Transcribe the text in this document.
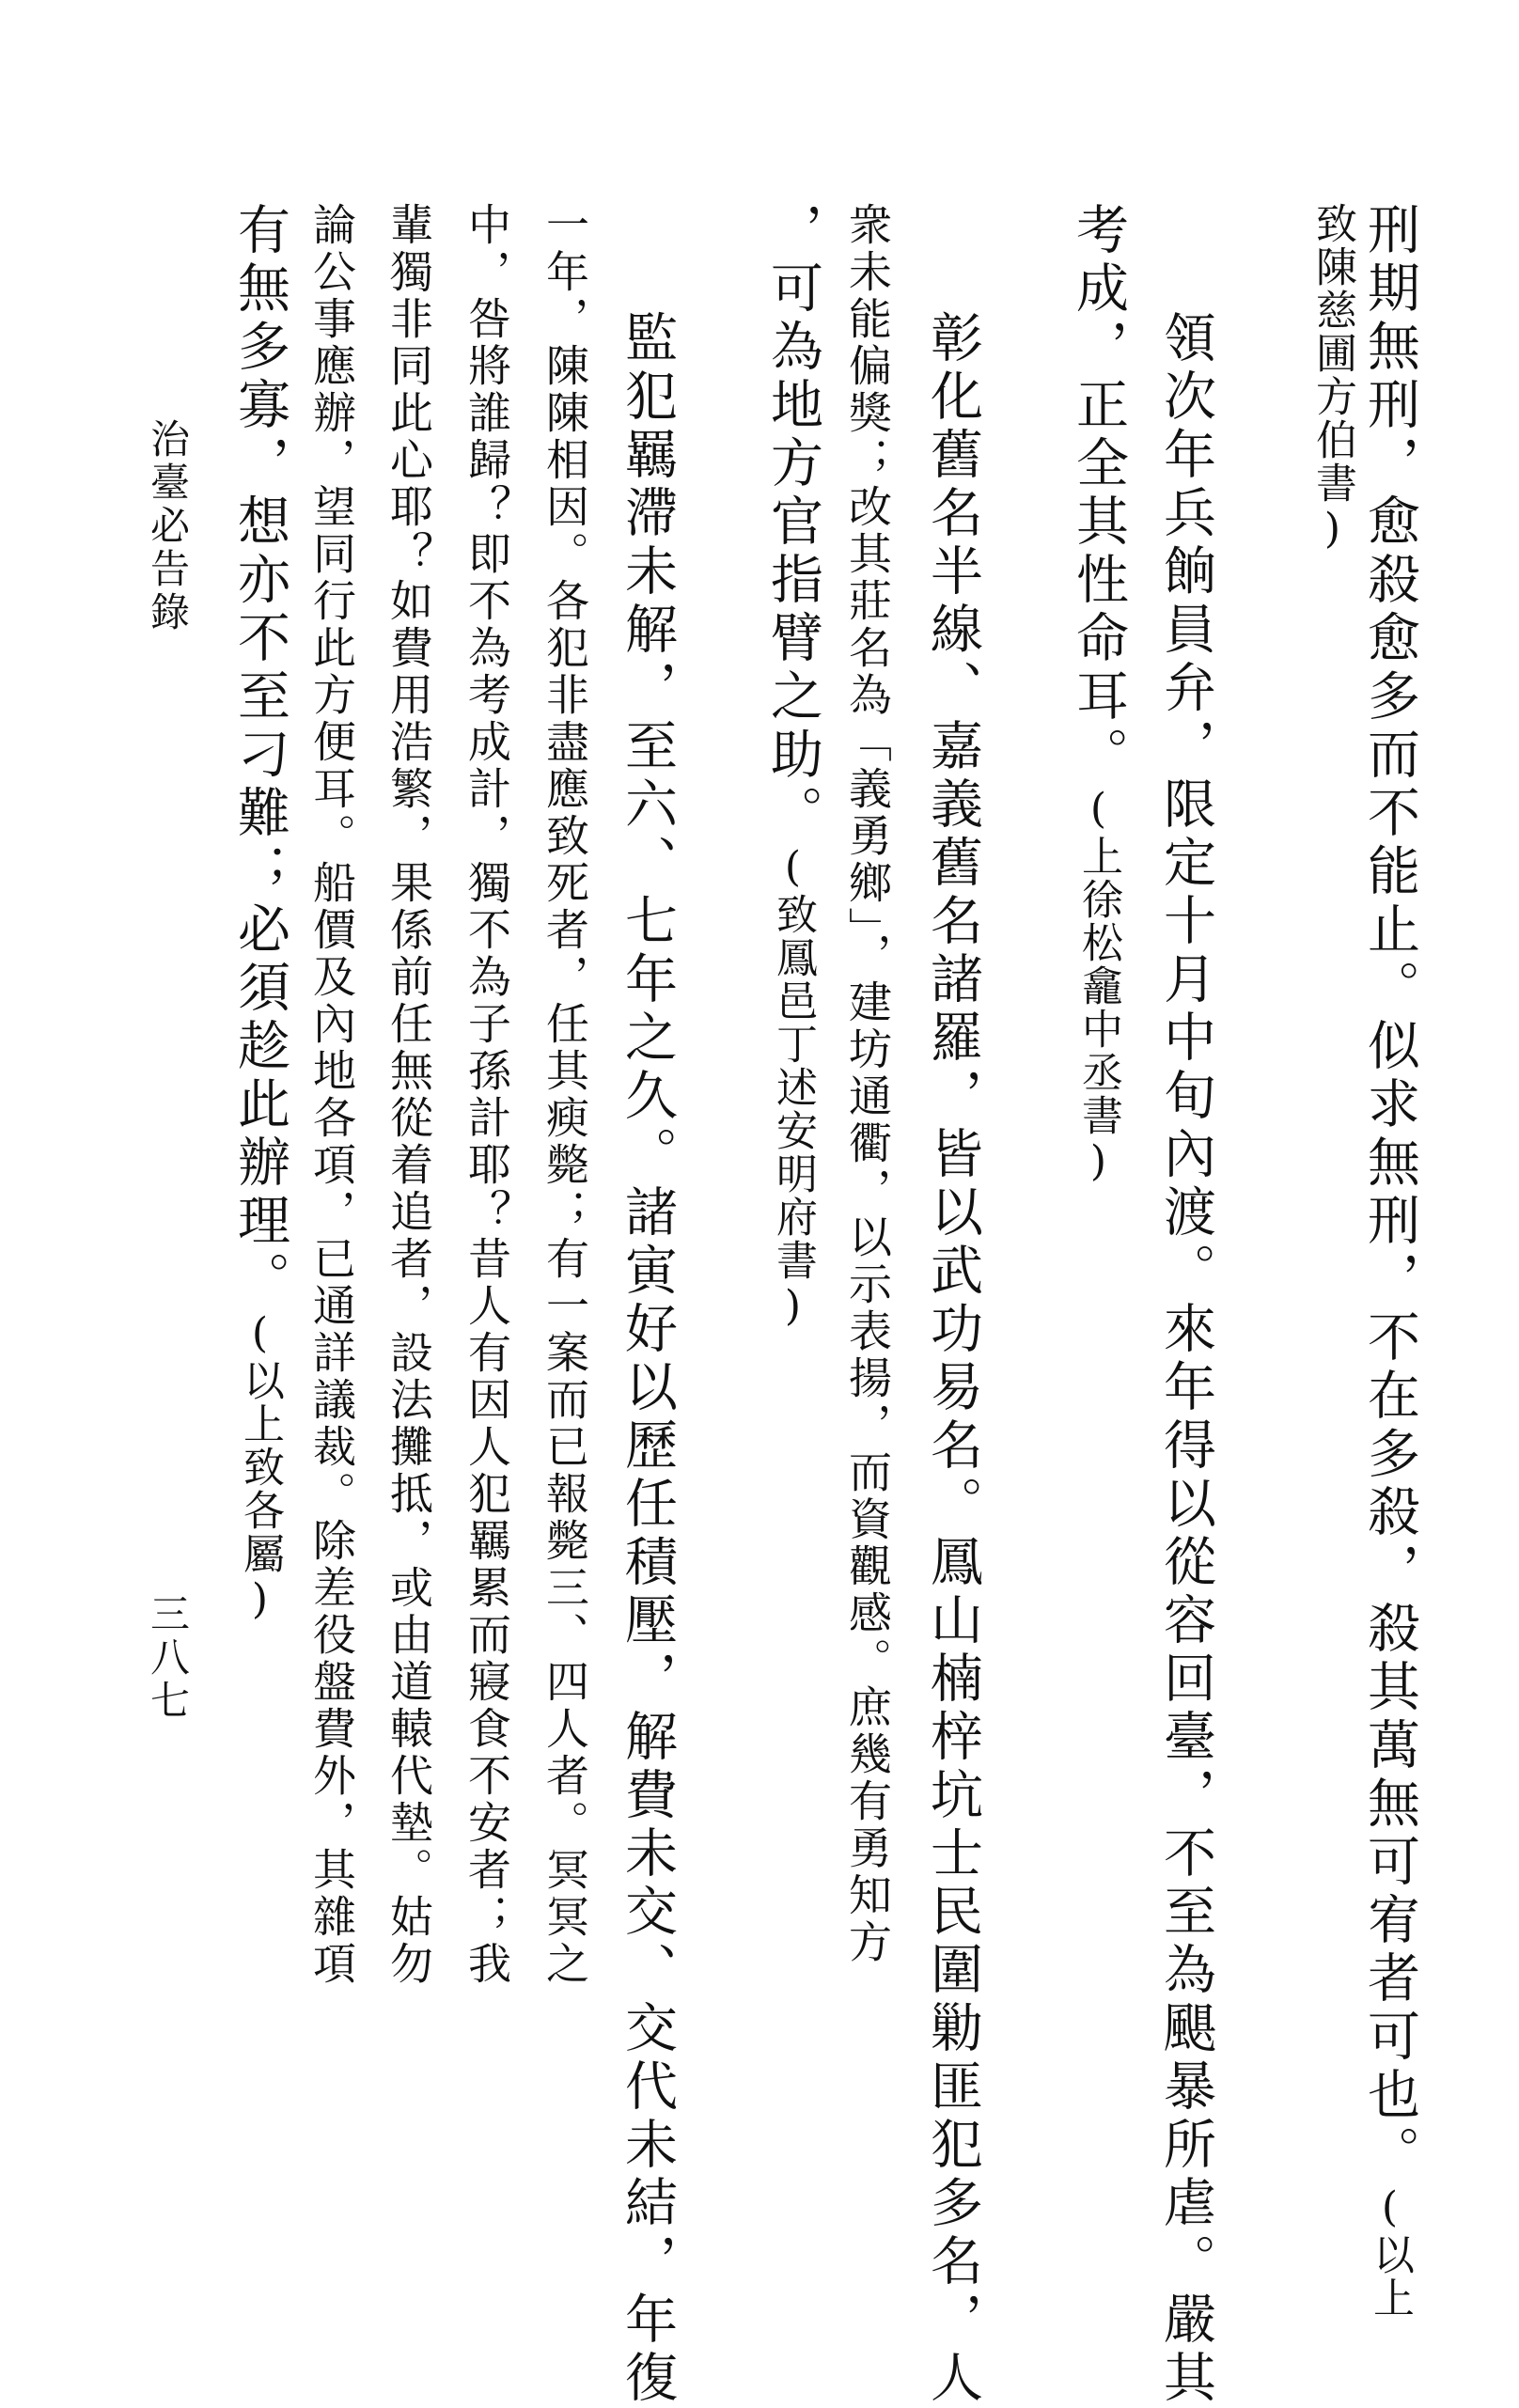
刑期無刑，愈殺愈多而不能止。似求無刑，不在多殺，殺其萬無可宥者可也。(以上
致陳慈圃方伯書)
領次年兵餉員弁，限定十月中旬內渡。來年得以從容回臺，不至為颶暴所虐。嚴其
考成，正全其性命耳。(上徐松龕中丞書)
彰化舊名半線、嘉義舊名諸羅，皆以武功易名。鳳山楠梓坑士民圍勦匪犯多名，人
衆未能偏獎；改其莊名為「義勇鄉」，建坊通衢，以示表揚，而資觀感。庶幾有勇知方
，可為地方官指臂之助。(致鳳邑丁述安明府書)
監犯羈滯未解，至六、七年之久。諸寅好以歷任積壓，解費未交、交代未結，年復
一年，陳陳相因。各犯非盡應致死者，任其瘐斃；有一案而已報斃三、四人者。冥冥之
中，咎將誰歸？即不為考成計，獨不為子孫計耶？昔人有因人犯羈累而寢食不安者；我
輩獨非同此心耶？如費用浩繁，果係前任無從着追者，設法攤抵，或由道轅代墊。姑勿
論公事應辦，望同行此方便耳。船價及內地各項，已通詳議裁。除差役盤費外，其雜項
有無多寡，想亦不至刁難；必須趁此辦理。(以上致各屬)
治臺必告錄
三八七
